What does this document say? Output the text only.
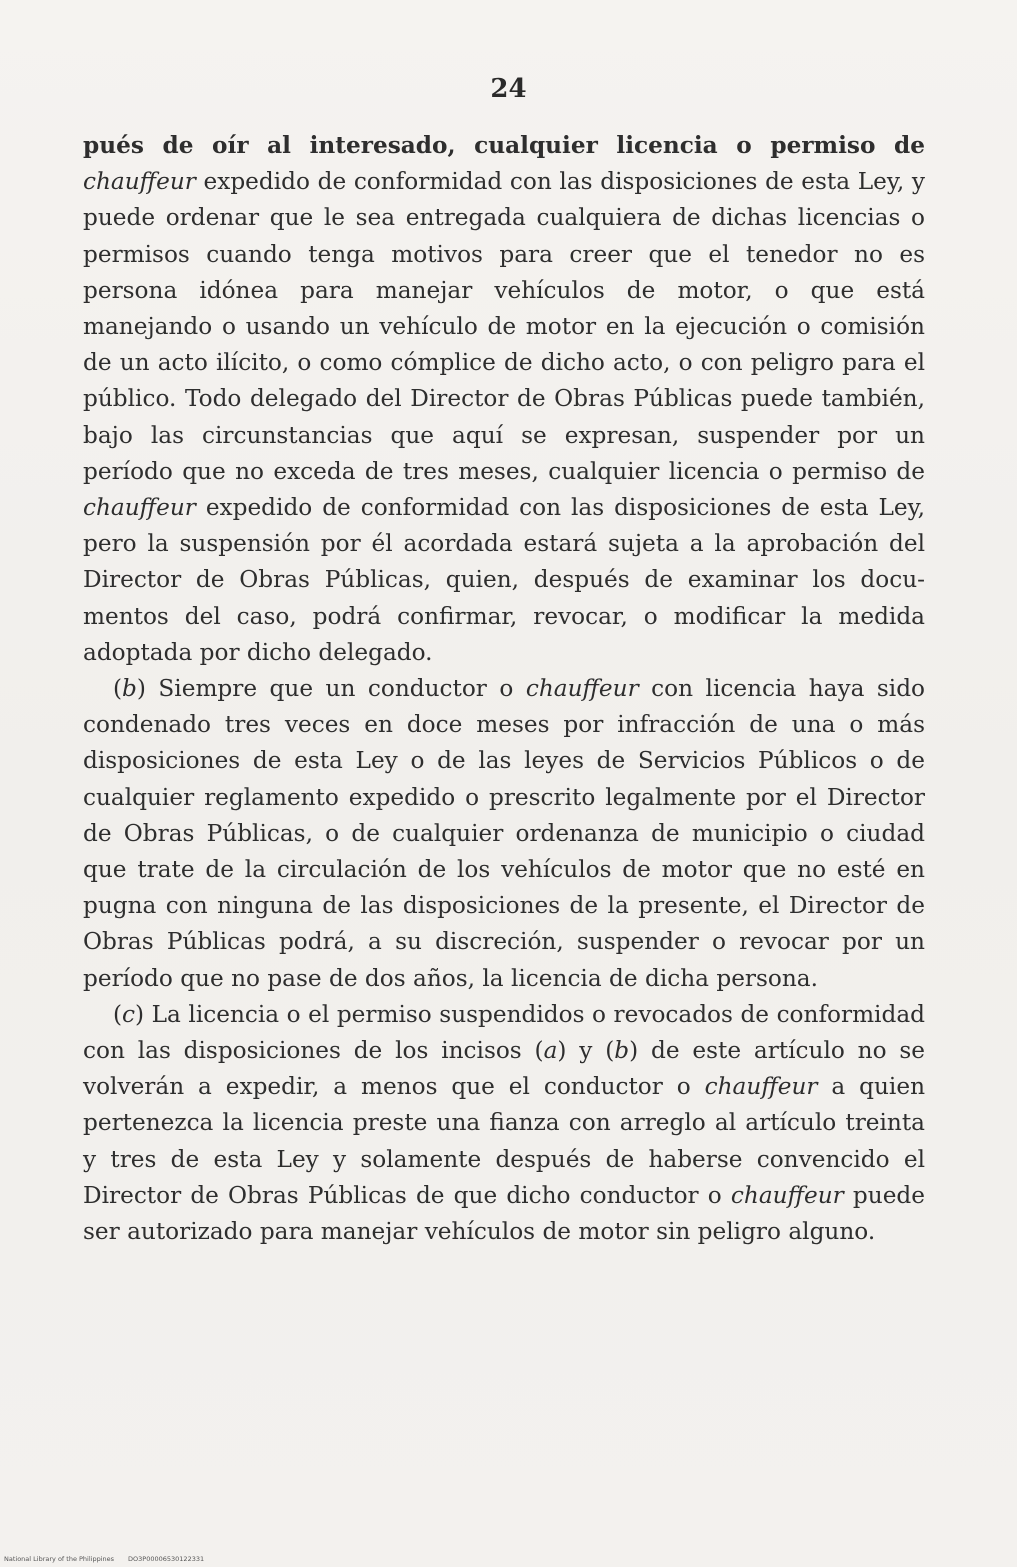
24

pués de oír al interesado, cualquier licencia o permiso de chauffeur expedido de conformidad con las disposiciones de esta Ley, y puede ordenar que le sea entregada cualquiera de dichas licencias o permisos cuando tenga motivos para creer que el tenedor no es persona idónea para manejar vehículos de motor, o que está manejando o usando un vehículo de motor en la ejecución o comisión de un acto ilícito, o como cómplice de dicho acto, o con peligro para el público. Todo delegado del Director de Obras Públicas puede también, bajo las circunstancias que aquí se expresan, suspender por un período que no exceda de tres meses, cualquier licencia o permiso de chauffeur expedido de conformidad con las disposiciones de esta Ley, pero la suspensión por él acordada estará sujeta a la aprobación del Director de Obras Públicas, quien, después de examinar los documentos del caso, podrá confirmar, revocar, o modificar la medida adoptada por dicho delegado.

(b) Siempre que un conductor o chauffeur con licencia haya sido condenado tres veces en doce meses por infracción de una o más disposiciones de esta Ley o de las leyes de Servicios Públicos o de cualquier reglamento expedido o prescrito legalmente por el Director de Obras Públicas, o de cualquier ordenanza de municipio o ciudad que trate de la circulación de los vehículos de motor que no esté en pugna con ninguna de las disposiciones de la presente, el Director de Obras Públicas podrá, a su discreción, suspender o revocar por un período que no pase de dos años, la licencia de dicha persona.

(c) La licencia o el permiso suspendidos o revocados de conformidad con las disposiciones de los incisos (a) y (b) de este artículo no se volverán a expedir, a menos que el conductor o chauffeur a quien pertenezca la licencia preste una fianza con arreglo al artículo treinta y tres de esta Ley y solamente después de haberse convencido el Director de Obras Públicas de que dicho conductor o chauffeur puede ser autorizado para manejar vehículos de motor sin peligro alguno.

National Library of the Philippines DO3P00006530122331
